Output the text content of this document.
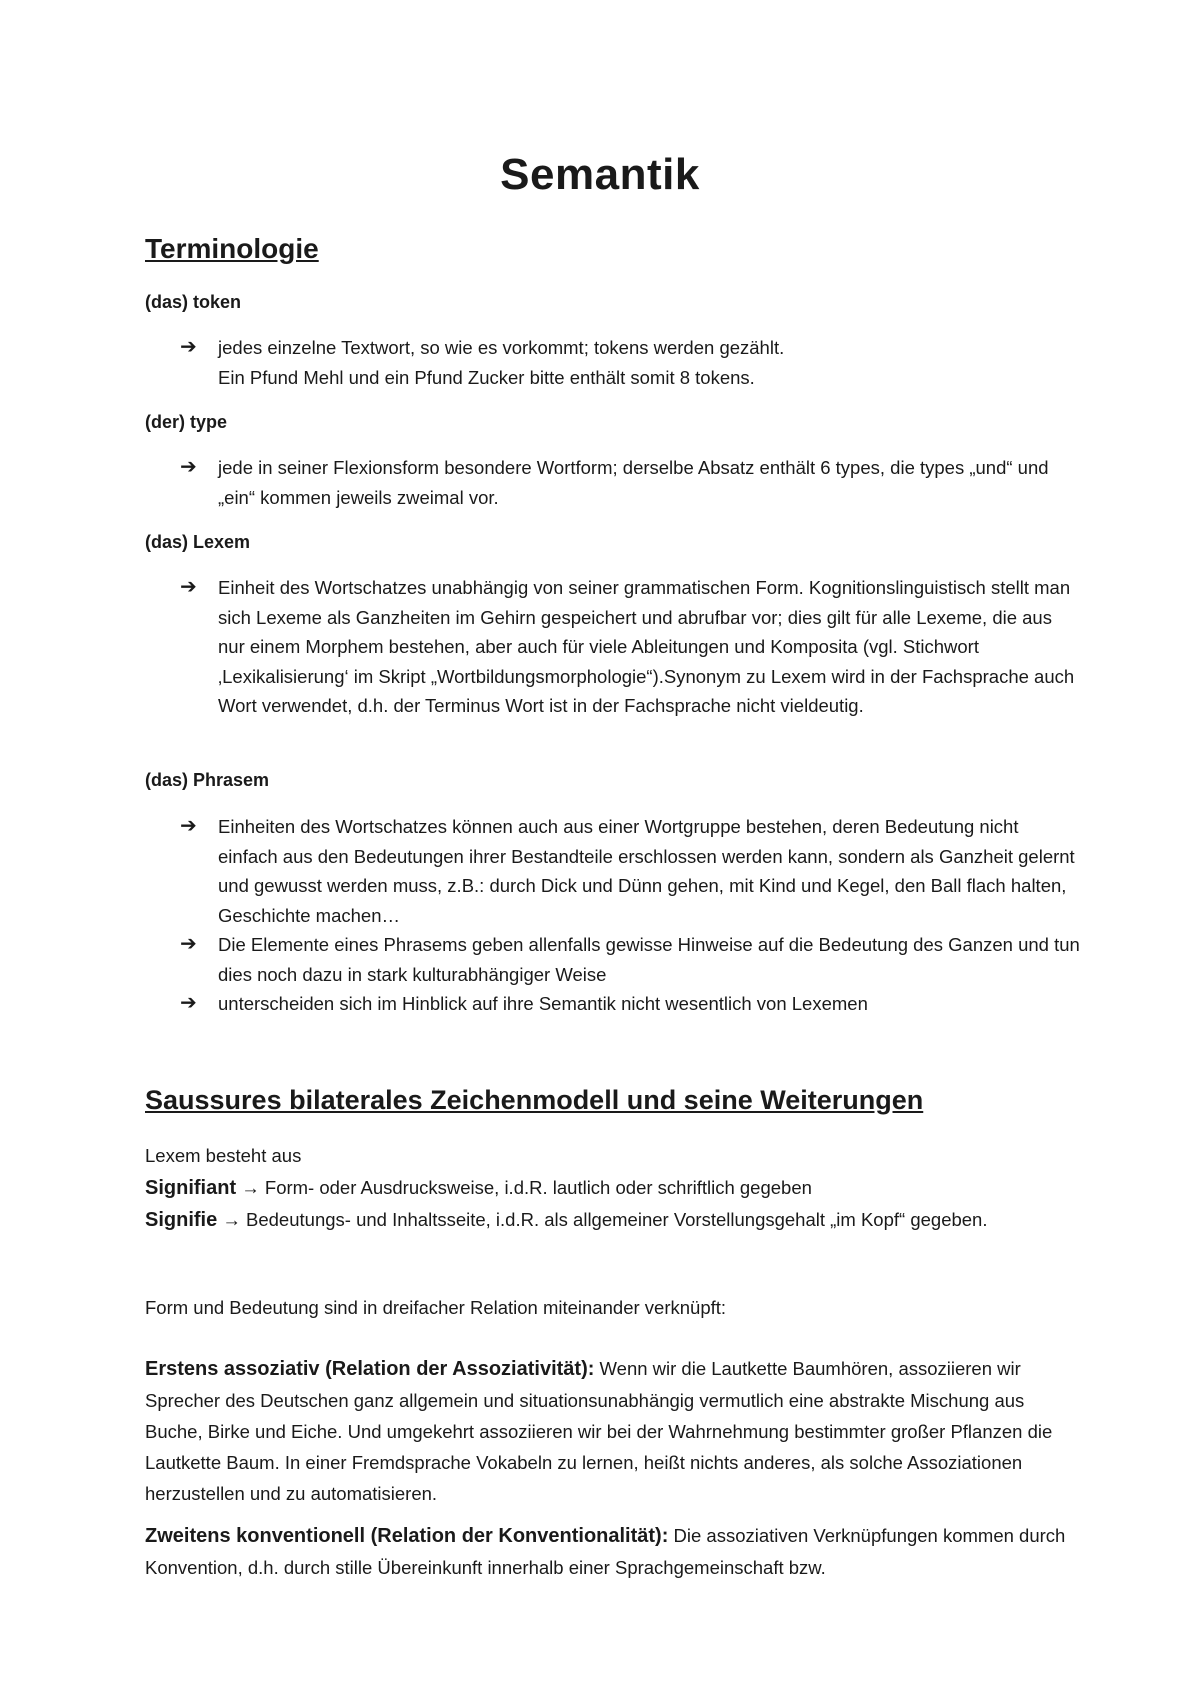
Semantik
Terminologie

(das) token

➔ jedes einzelne Textwort, so wie es vorkommt; tokens werden gezählt.
Ein Pfund Mehl und ein Pfund Zucker bitte enthält somit 8 tokens.

(der) type

➔ jede in seiner Flexionsform besondere Wortform; derselbe Absatz enthält 6 types, die types „und“ und „ein“ kommen jeweils zweimal vor.

(das) Lexem

➔ Einheit des Wortschatzes unabhängig von seiner grammatischen Form. Kognitionslinguistisch stellt man sich Lexeme als Ganzheiten im Gehirn gespeichert und abrufbar vor; dies gilt für alle Lexeme, die aus nur einem Morphem bestehen, aber auch für viele Ableitungen und Komposita (vgl. Stichwort ‚Lexikalisierung‘ im Skript „Wortbildungsmorphologie“).Synonym zu Lexem wird in der Fachsprache auch Wort verwendet, d.h. der Terminus Wort ist in der Fachsprache nicht vieldeutig.

(das) Phrasem

➔ Einheiten des Wortschatzes können auch aus einer Wortgruppe bestehen, deren Bedeutung nicht einfach aus den Bedeutungen ihrer Bestandteile erschlossen werden kann, sondern als Ganzheit gelernt und gewusst werden muss, z.B.: durch Dick und Dünn gehen, mit Kind und Kegel, den Ball flach halten, Geschichte machen…
➔ Die Elemente eines Phrasems geben allenfalls gewisse Hinweise auf die Bedeutung des Ganzen und tun dies noch dazu in stark kulturabhängiger Weise
➔ unterscheiden sich im Hinblick auf ihre Semantik nicht wesentlich von Lexemen
Saussures bilaterales Zeichenmodell und seine Weiterungen

Lexem besteht aus

Signifiant → Form- oder Ausdrucksweise, i.d.R. lautlich oder schriftlich gegeben

Signifie → Bedeutungs- und Inhaltsseite, i.d.R. als allgemeiner Vorstellungsgehalt „im Kopf“ gegeben.

Form und Bedeutung sind in dreifacher Relation miteinander verknüpft:

Erstens assoziativ (Relation der Assoziativität): Wenn wir die Lautkette Baumhören, assoziieren wir Sprecher des Deutschen ganz allgemein und situationsunabhängig vermutlich eine abstrakte Mischung aus Buche, Birke und Eiche. Und umgekehrt assoziieren wir bei der Wahrnehmung bestimmter großer Pflanzen die Lautkette Baum. In einer Fremdsprache Vokabeln zu lernen, heißt nichts anderes, als solche Assoziationen herzustellen und zu automatisieren.

Zweitens konventionell (Relation der Konventionalität): Die assoziativen Verknüpfungen kommen durch Konvention, d.h. durch stille Übereinkunft innerhalb einer Sprachgemeinschaft bzw.
